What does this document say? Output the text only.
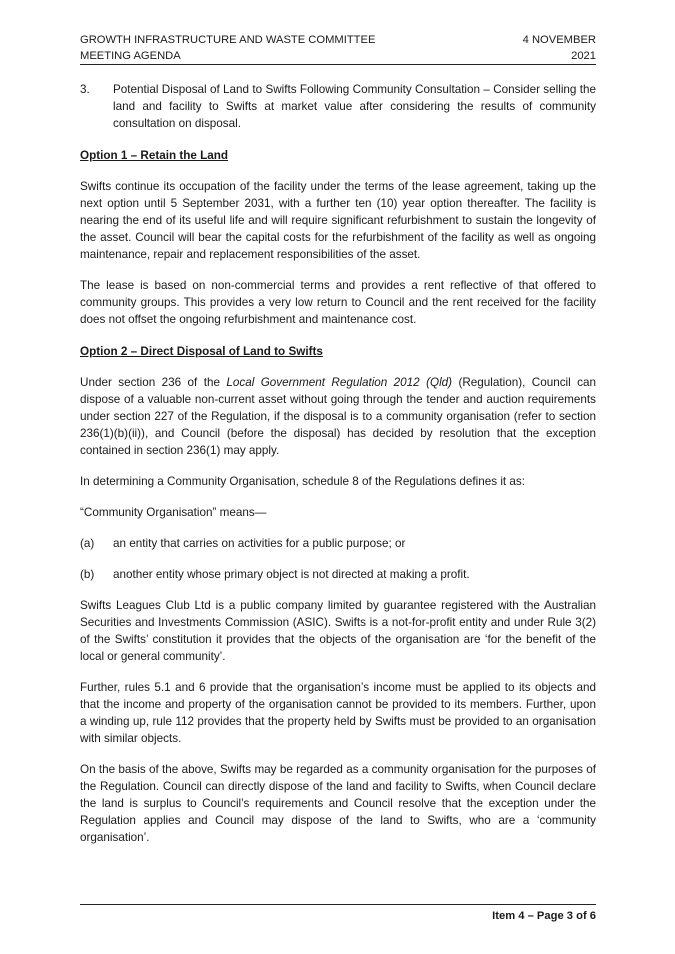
GROWTH INFRASTRUCTURE AND WASTE COMMITTEE	4 NOVEMBER
MEETING AGENDA	2021
3.	Potential Disposal of Land to Swifts Following Community Consultation – Consider selling the land and facility to Swifts at market value after considering the results of community consultation on disposal.
Option 1 – Retain the Land

Swifts continue its occupation of the facility under the terms of the lease agreement, taking up the next option until 5 September 2031, with a further ten (10) year option thereafter. The facility is nearing the end of its useful life and will require significant refurbishment to sustain the longevity of the asset. Council will bear the capital costs for the refurbishment of the facility as well as ongoing maintenance, repair and replacement responsibilities of the asset.

The lease is based on non-commercial terms and provides a rent reflective of that offered to community groups. This provides a very low return to Council and the rent received for the facility does not offset the ongoing refurbishment and maintenance cost.

Option 2 – Direct Disposal of Land to Swifts

Under section 236 of the Local Government Regulation 2012 (Qld) (Regulation), Council can dispose of a valuable non-current asset without going through the tender and auction requirements under section 227 of the Regulation, if the disposal is to a community organisation (refer to section 236(1)(b)(ii)), and Council (before the disposal) has decided by resolution that the exception contained in section 236(1) may apply.

In determining a Community Organisation, schedule 8 of the Regulations defines it as:

“Community Organisation” means—

(a)	an entity that carries on activities for a public purpose; or
(b)	another entity whose primary object is not directed at making a profit.

Swifts Leagues Club Ltd is a public company limited by guarantee registered with the Australian Securities and Investments Commission (ASIC). Swifts is a not-for-profit entity and under Rule 3(2) of the Swifts’ constitution it provides that the objects of the organisation are ‘for the benefit of the local or general community’.

Further, rules 5.1 and 6 provide that the organisation’s income must be applied to its objects and that the income and property of the organisation cannot be provided to its members. Further, upon a winding up, rule 112 provides that the property held by Swifts must be provided to an organisation with similar objects.

On the basis of the above, Swifts may be regarded as a community organisation for the purposes of the Regulation. Council can directly dispose of the land and facility to Swifts, when Council declare the land is surplus to Council’s requirements and Council resolve that the exception under the Regulation applies and Council may dispose of the land to Swifts, who are a ‘community organisation’.

Item 4 – Page 3 of 6
